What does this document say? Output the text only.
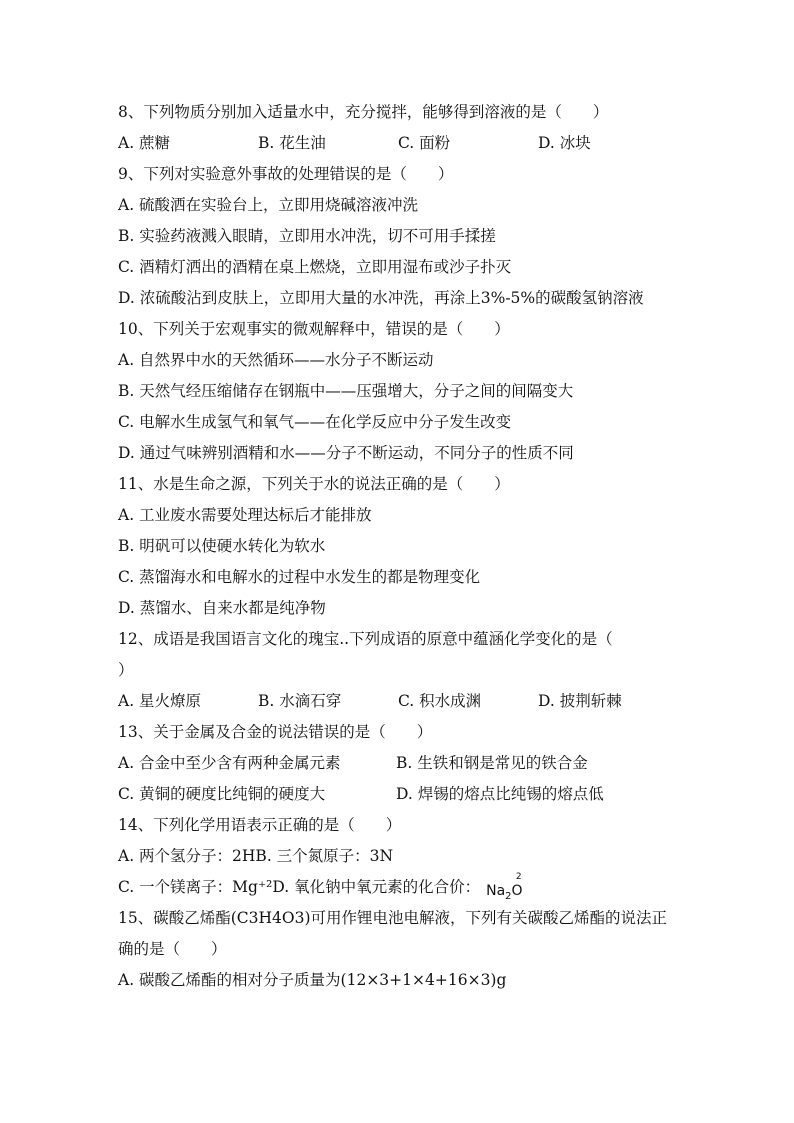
8、下列物质分别加入适量水中，充分搅拌，能够得到溶液的是（　　）
A. 蔗糖	B. 花生油	C. 面粉	D. 冰块
9、下列对实验意外事故的处理错误的是（　　）
A. 硫酸洒在实验台上，立即用烧碱溶液冲洗
B. 实验药液溅入眼睛，立即用水冲洗，切不可用手揉搓
C. 酒精灯洒出的酒精在桌上燃烧，立即用湿布或沙子扑灭
D. 浓硫酸沾到皮肤上，立即用大量的水冲洗，再涂上3%-5%的碳酸氢钠溶液
10、下列关于宏观事实的微观解释中，错误的是（　　）
A. 自然界中水的天然循环——水分子不断运动
B. 天然气经压缩储存在钢瓶中——压强增大，分子之间的间隔变大
C. 电解水生成氢气和氧气——在化学反应中分子发生改变
D. 通过气味辨别酒精和水——分子不断运动，不同分子的性质不同
11、水是生命之源，下列关于水的说法正确的是（　　）
A. 工业废水需要处理达标后才能排放
B. 明矾可以使硬水转化为软水
C. 蒸馏海水和电解水的过程中水发生的都是物理变化
D. 蒸馏水、自来水都是纯净物
12、成语是我国语言文化的瑰宝..下列成语的原意中蕴涵化学变化的是（
）
A. 星火燎原	B. 水滴石穿	C. 积水成渊	D. 披荆斩棘
13、关于金属及合金的说法错误的是（　　）
A. 合金中至少含有两种金属元素	B. 生铁和钢是常见的铁合金
C. 黄铜的硬度比纯铜的硬度大	D. 焊锡的熔点比纯锡的熔点低
14、下列化学用语表示正确的是（　　）
A. 两个氢分子：2HB. 三个氮原子：3N
C. 一个镁离子：Mg⁺²D. 氧化钠中氧元素的化合价： $Na_2$
2
O
15、碳酸乙烯酯(C3H4O3)可用作锂电池电解液，下列有关碳酸乙烯酯的说法正
确的是（　　）
A. 碳酸乙烯酯的相对分子质量为(12×3+1×4+16×3)g
